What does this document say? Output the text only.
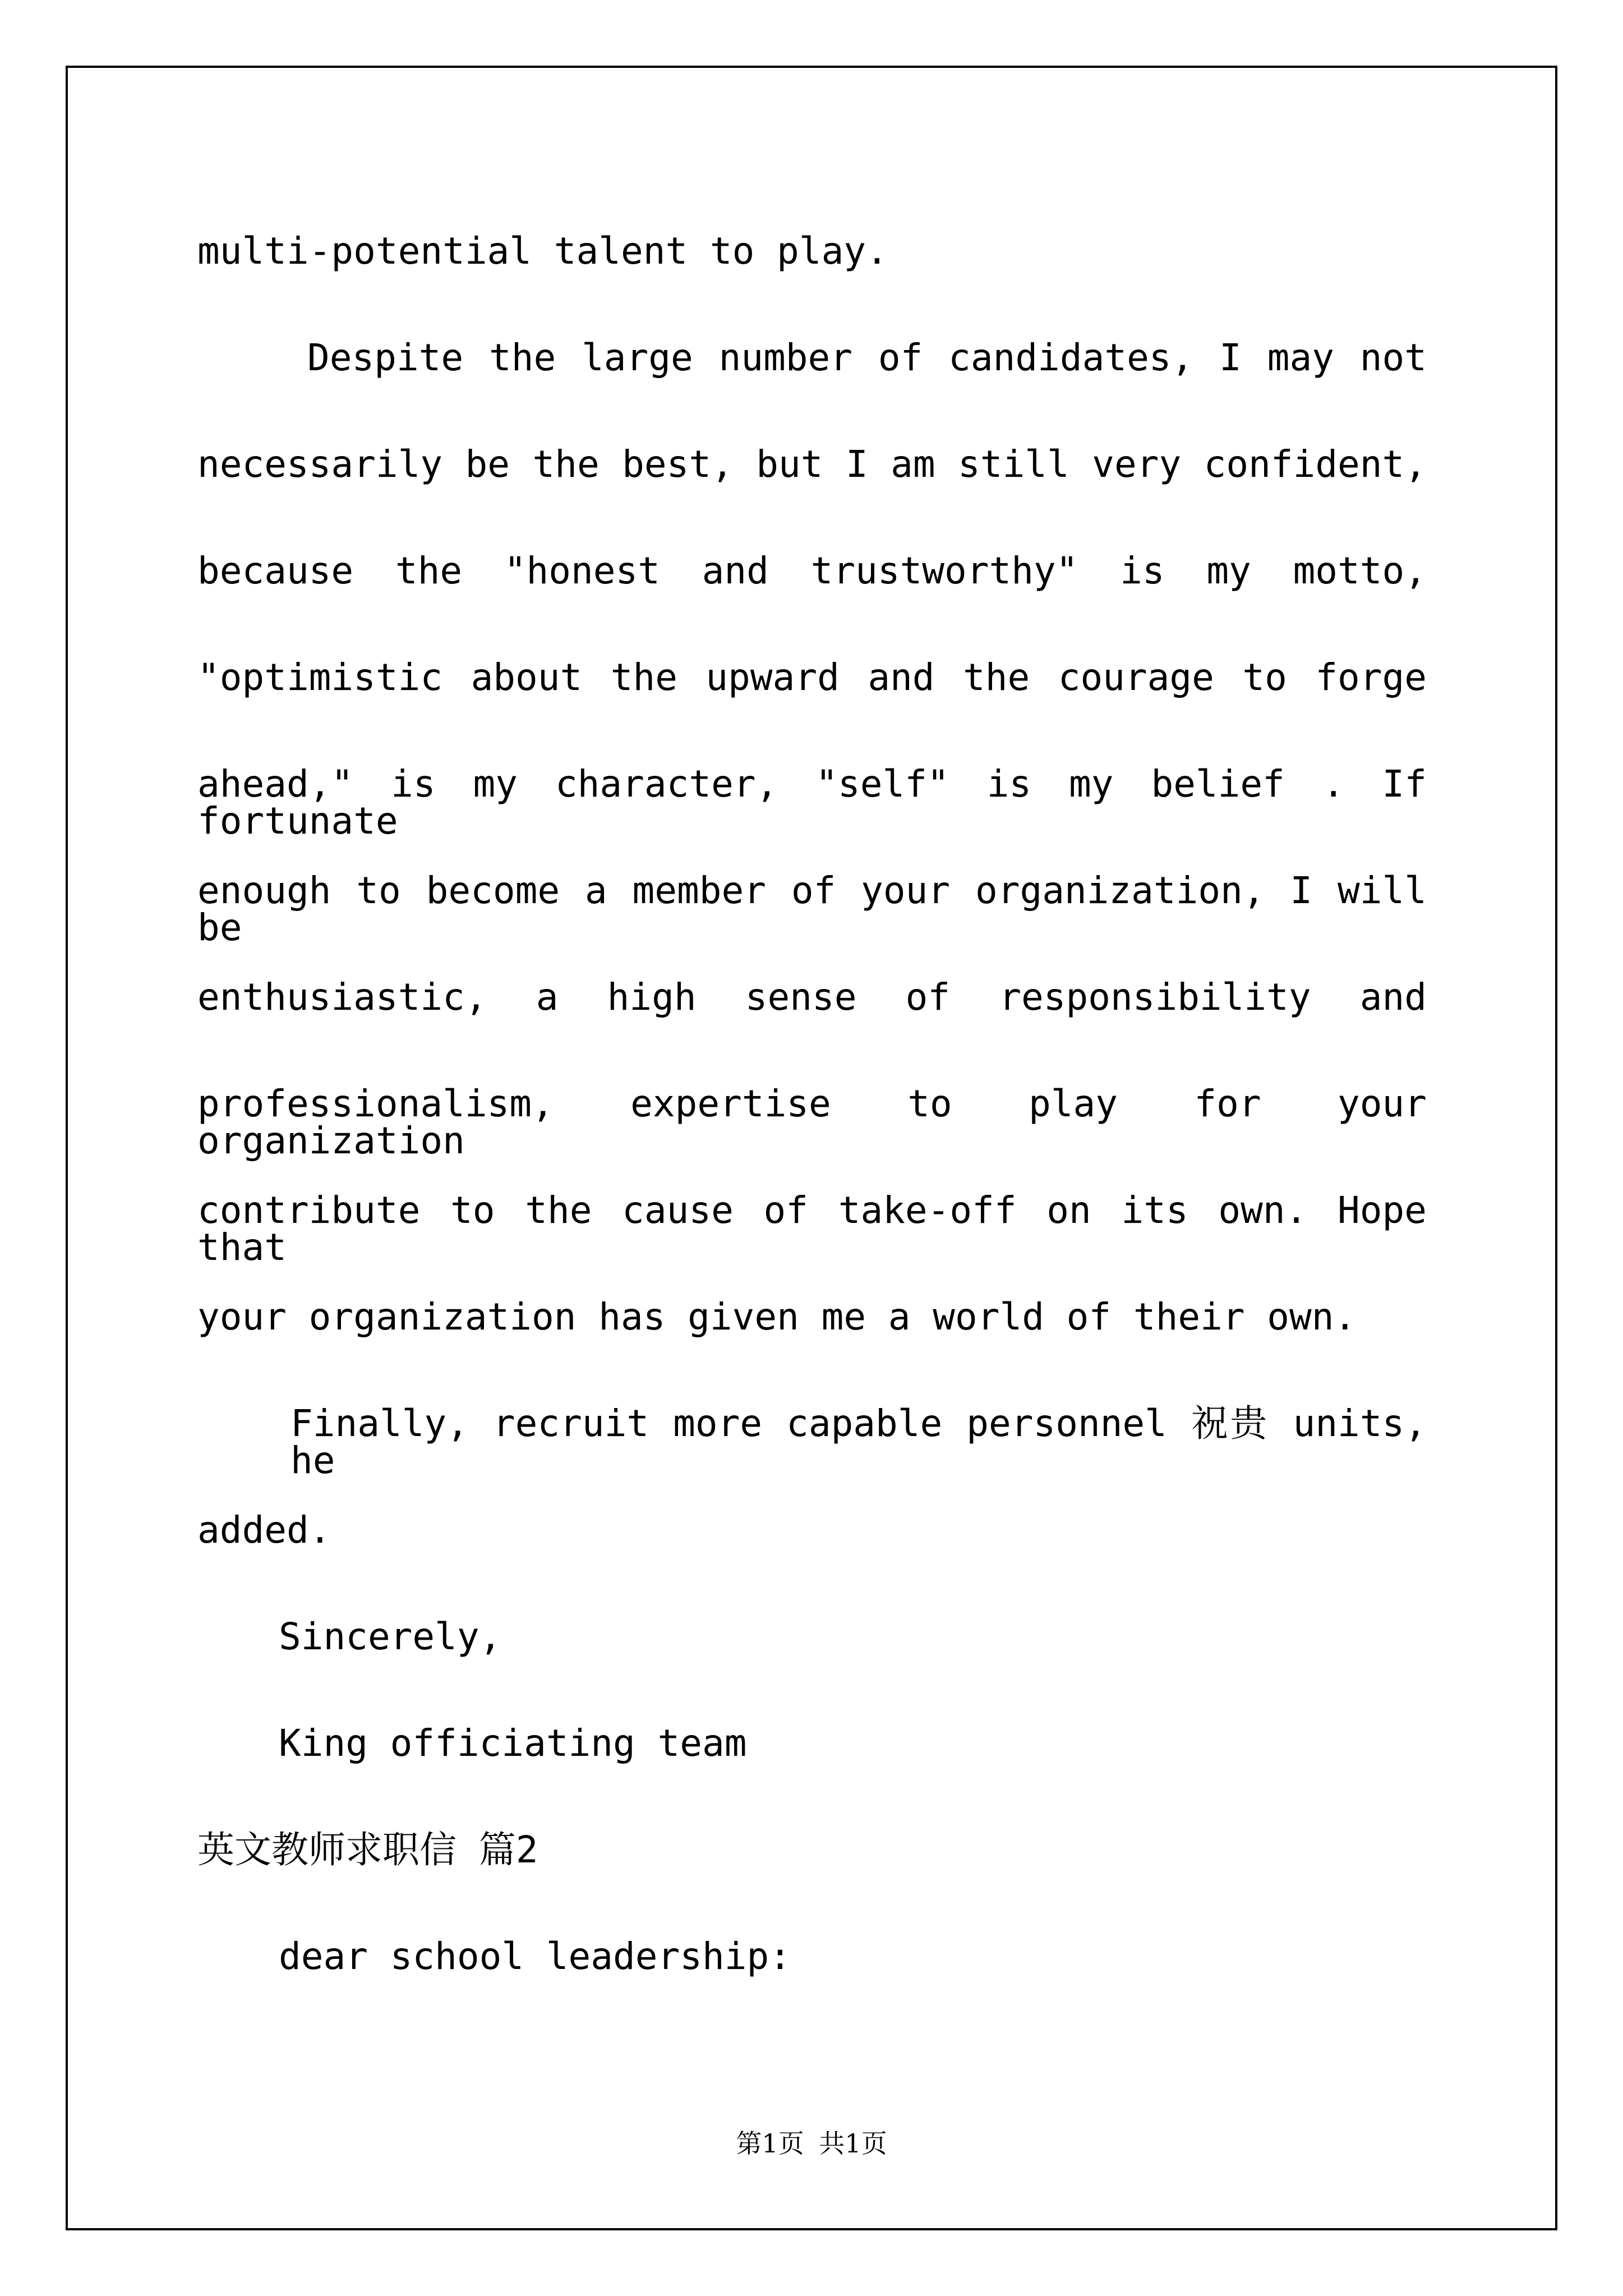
multi-potential talent to play.
Despite the large number of candidates, I may not
necessarily be the best, but I am still very confident,
because the "honest and trustworthy" is my motto,
"optimistic about the upward and the courage to forge
ahead," is my character, "self" is my belief . If fortunate
enough to become a member of your organization, I will be
enthusiastic, a high sense of responsibility and
professionalism, expertise to play for your organization
contribute to the cause of take-off on its own. Hope that
your organization has given me a world of their own.
Finally, recruit more capable personnel 祝贵 units, he
added.
Sincerely,
King officiating team
英文教师求职信 篇2
dear school leadership:
第1页 共1页
